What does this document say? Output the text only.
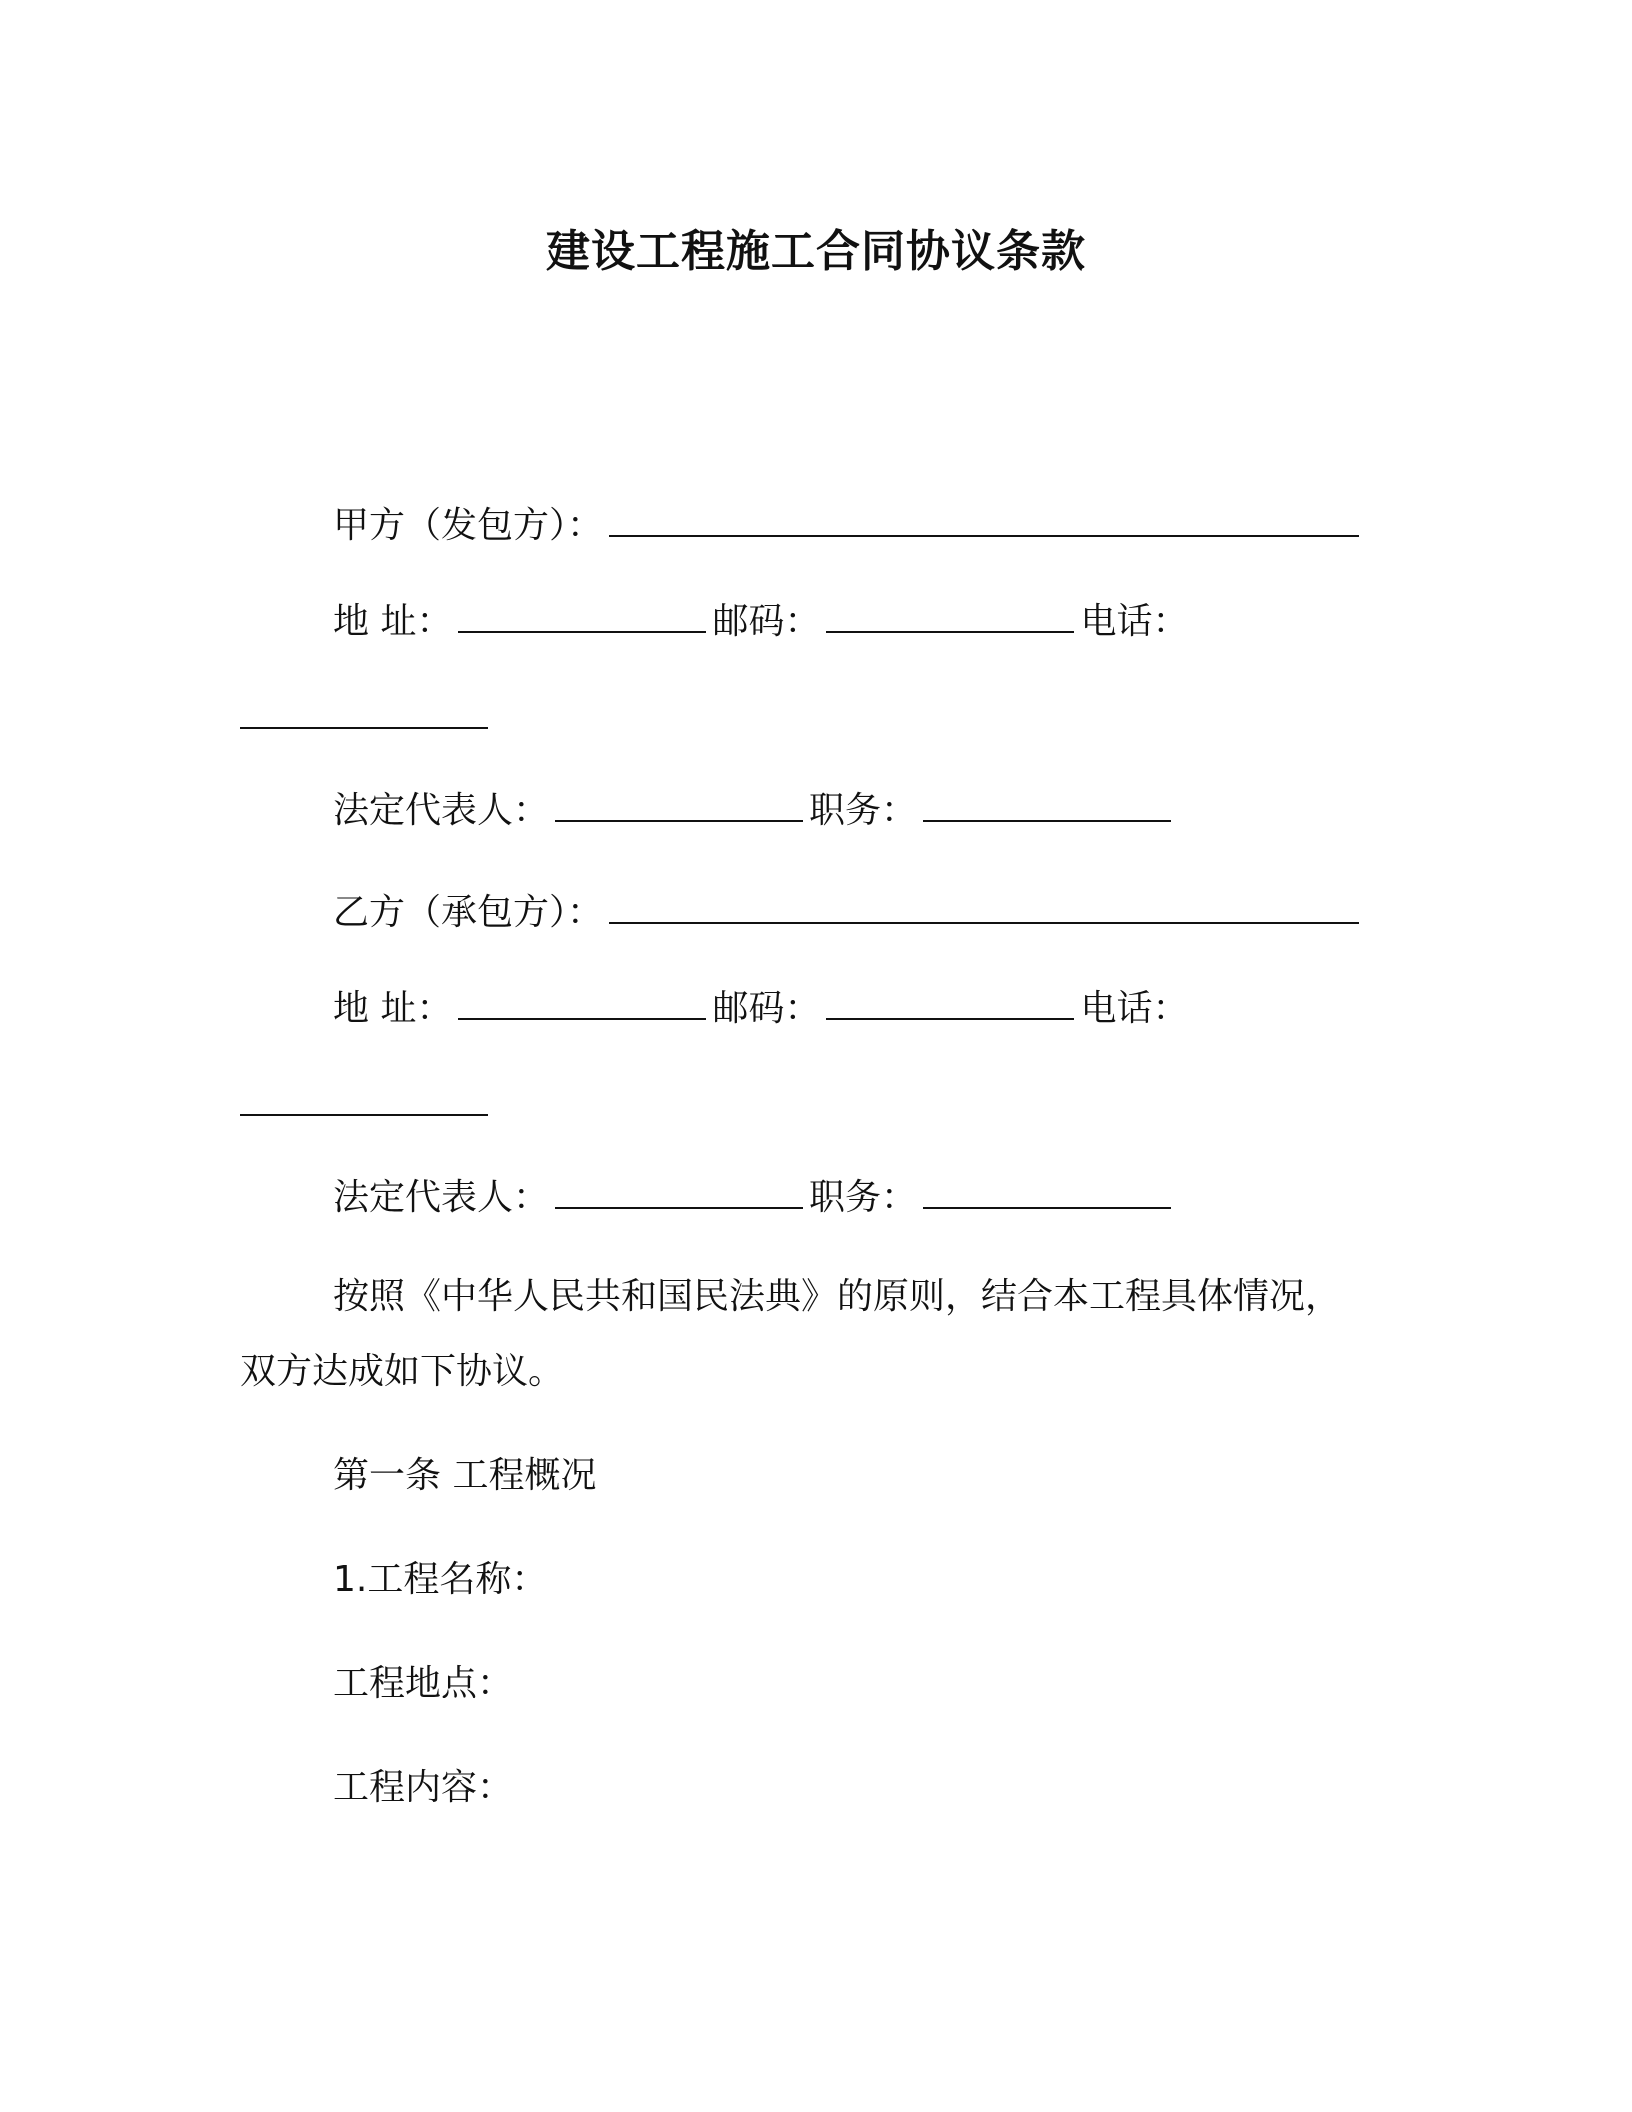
建设工程施工合同协议条款
甲方（发包方）：
地 址：	邮码：	电话：
法定代表人：	职务：
乙方（承包方）：
地 址：	邮码：	电话：
法定代表人：	职务：
按照《中华人民共和国民法典》的原则，结合本工程具体情况，
双方达成如下协议。
第一条 工程概况
1.工程名称：
工程地点：
工程内容：
